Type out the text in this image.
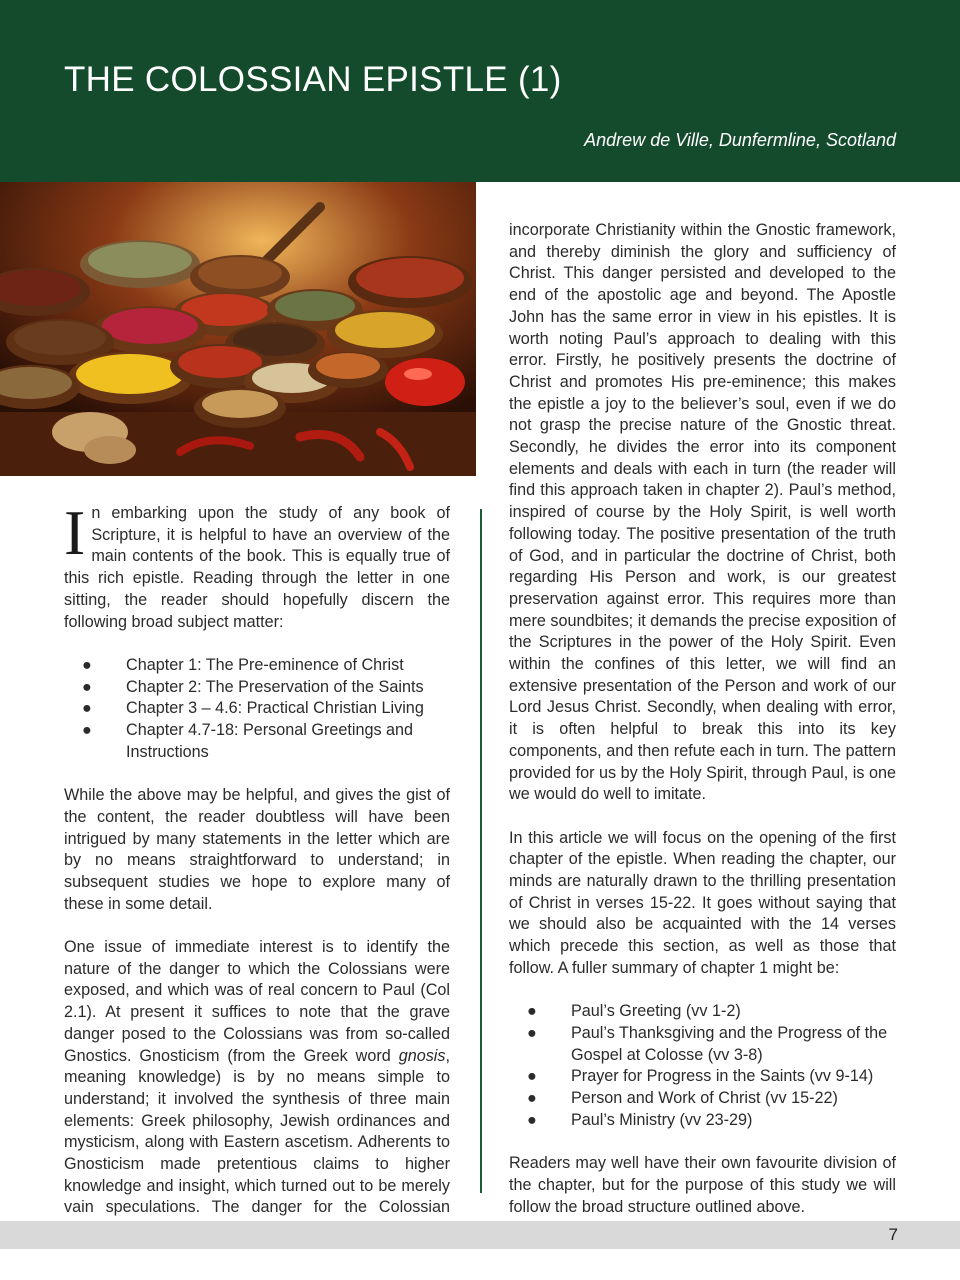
THE COLOSSIAN EPISTLE (1)
Andrew de Ville, Dunfermline, Scotland

In embarking upon the study of any book of Scripture, it is helpful to have an overview of the main contents of the book. This is equally true of this rich epistle. Reading through the letter in one sitting, the reader should hopefully discern the following broad subject matter:

● Chapter 1: The Pre-eminence of Christ
● Chapter 2: The Preservation of the Saints
● Chapter 3 – 4.6: Practical Christian Living
● Chapter 4.7-18: Personal Greetings and Instructions

While the above may be helpful, and gives the gist of the content, the reader doubtless will have been intrigued by many statements in the letter which are by no means straightforward to understand; in subsequent studies we hope to explore many of these in some detail.

One issue of immediate interest is to identify the nature of the danger to which the Colossians were exposed, and which was of real concern to Paul (Col 2.1). At present it suffices to note that the grave danger posed to the Colossians was from so-called Gnostics. Gnosticism (from the Greek word gnosis, meaning knowledge) is by no means simple to understand; it involved the synthesis of three main elements: Greek philosophy, Jewish ordinances and mysticism, along with Eastern ascetism. Adherents to Gnosticism made pretentious claims to higher knowledge and insight, which turned out to be merely vain speculations. The danger for the Colossian

incorporate Christianity within the Gnostic framework, and thereby diminish the glory and sufficiency of Christ. This danger persisted and developed to the end of the apostolic age and beyond. The Apostle John has the same error in view in his epistles. It is worth noting Paul’s approach to dealing with this error. Firstly, he positively presents the doctrine of Christ and promotes His pre-eminence; this makes the epistle a joy to the believer’s soul, even if we do not grasp the precise nature of the Gnostic threat. Secondly, he divides the error into its component elements and deals with each in turn (the reader will find this approach taken in chapter 2). Paul’s method, inspired of course by the Holy Spirit, is well worth following today. The positive presentation of the truth of God, and in particular the doctrine of Christ, both regarding His Person and work, is our greatest preservation against error. This requires more than mere soundbites; it demands the precise exposition of the Scriptures in the power of the Holy Spirit. Even within the confines of this letter, we will find an extensive presentation of the Person and work of our Lord Jesus Christ. Secondly, when dealing with error, it is often helpful to break this into its key components, and then refute each in turn. The pattern provided for us by the Holy Spirit, through Paul, is one we would do well to imitate.

In this article we will focus on the opening of the first chapter of the epistle. When reading the chapter, our minds are naturally drawn to the thrilling presentation of Christ in verses 15-22. It goes without saying that we should also be acquainted with the 14 verses which precede this section, as well as those that follow. A fuller summary of chapter 1 might be:

● Paul’s Greeting (vv 1-2)
● Paul’s Thanksgiving and the Progress of the Gospel at Colosse (vv 3-8)
● Prayer for Progress in the Saints (vv 9-14)
● Person and Work of Christ (vv 15-22)
● Paul’s Ministry (vv 23-29)

Readers may well have their own favourite division of the chapter, but for the purpose of this study we will follow the broad structure outlined above.

7
